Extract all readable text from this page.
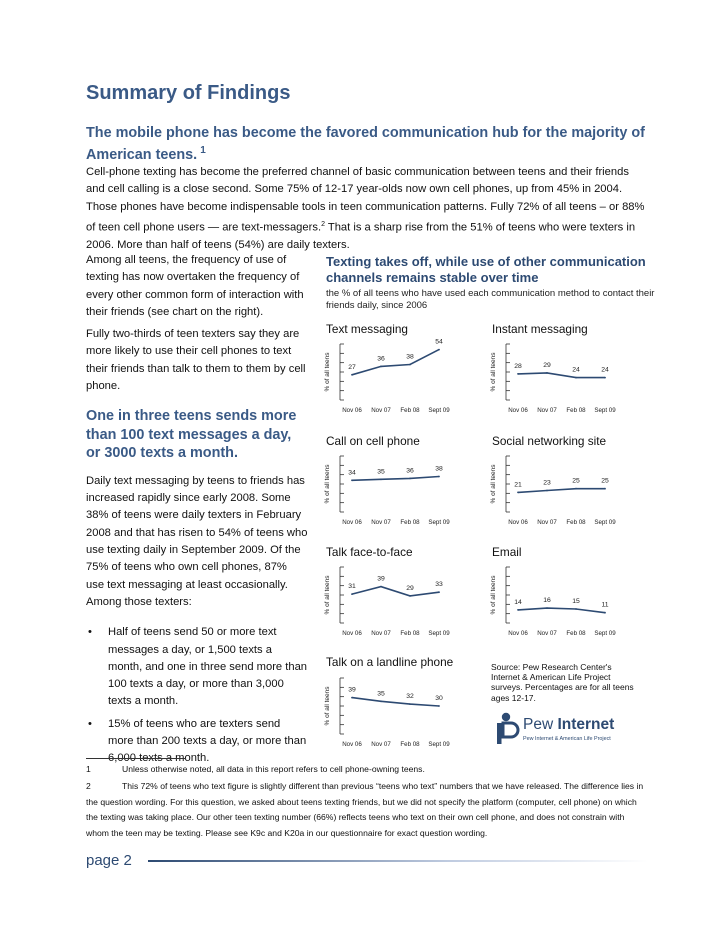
Summary of Findings
The mobile phone has become the favored communication hub for the majority of American teens. $^1$

Cell-phone texting has become the preferred channel of basic communication between teens and their friends and cell calling is a close second. Some 75% of 12-17 year-olds now own cell phones, up from 45% in 2004. Those phones have become indispensable tools in teen communication patterns. Fully 72% of all teens – or 88% of teen cell phone users — are text-messagers.$^2$ That is a sharp rise from the 51% of teens who were texters in 2006. More than half of teens (54%) are daily texters.

Among all teens, the frequency of use of texting has now overtaken the frequency of every other common form of interaction with their friends (see chart on the right).

Fully two-thirds of teen texters say they are more likely to use their cell phones to text their friends than talk to them to them by cell phone.

One in three teens sends more than 100 text messages a day, or 3000 texts a month.

Daily text messaging by teens to friends has increased rapidly since early 2008. Some 38% of teens were daily texters in February 2008 and that has risen to 54% of teens who use texting daily in September 2009. Of the 75% of teens who own cell phones, 87% use text messaging at least occasionally. Among those texters:

• Half of teens send 50 or more text messages a day, or 1,500 texts a month, and one in three send more than 100 texts a day, or more than 3,000 texts a month.
• 15% of teens who are texters send more than 200 texts a day, or more than 6,000 texts a month.
Texting takes off, while use of other communication channels remains stable over time
the % of all teens who have used each communication method to contact their friends daily, since 2006
Text messaging	Instant messaging
Call on cell phone	Social networking site
Talk face-to-face	Email
Talk on a landline phone
% of all teens	27
36	38
54
Nov 06 Nov 07 Feb 08 Sept 09
% of all teens	28	29
24	24
Nov 06 Nov 07 Feb 08 Sept 09
% of all teens	34	35	36	38
Nov 06 Nov 07 Feb 08 Sept 09
% of all teens	21	23	25	25
Nov 06 Nov 07 Feb 08 Sept 09
% of all teens	31
39
29
33
Nov 06 Nov 07 Feb 08 Sept 09
% of all teens	14	16	15
11
Nov 06 Nov 07 Feb 08 Sept 09
% of all teens	39
35	32	30
Nov 06 Nov 07 Feb 08 Sept 09
Source: Pew Research Center's Internet & American Life Project surveys. Percentages are for all teens ages 12-17.
Pew Internet
Pew Internet & American Life Project

1	Unless otherwise noted, all data in this report refers to cell phone-owning teens.

2	This 72% of teens who text figure is slightly different than previous “teens who text” numbers that we have released. The difference lies in the question wording. For this question, we asked about teens texting friends, but we did not specify the platform (computer, cell phone) on which the texting was taking place. Our other teen texting number (66%) reflects teens who text on their own cell phone, and does not constrain with whom the teen may be texting. Please see K9c and K20a in our questionnaire for exact question wording.

page 2
